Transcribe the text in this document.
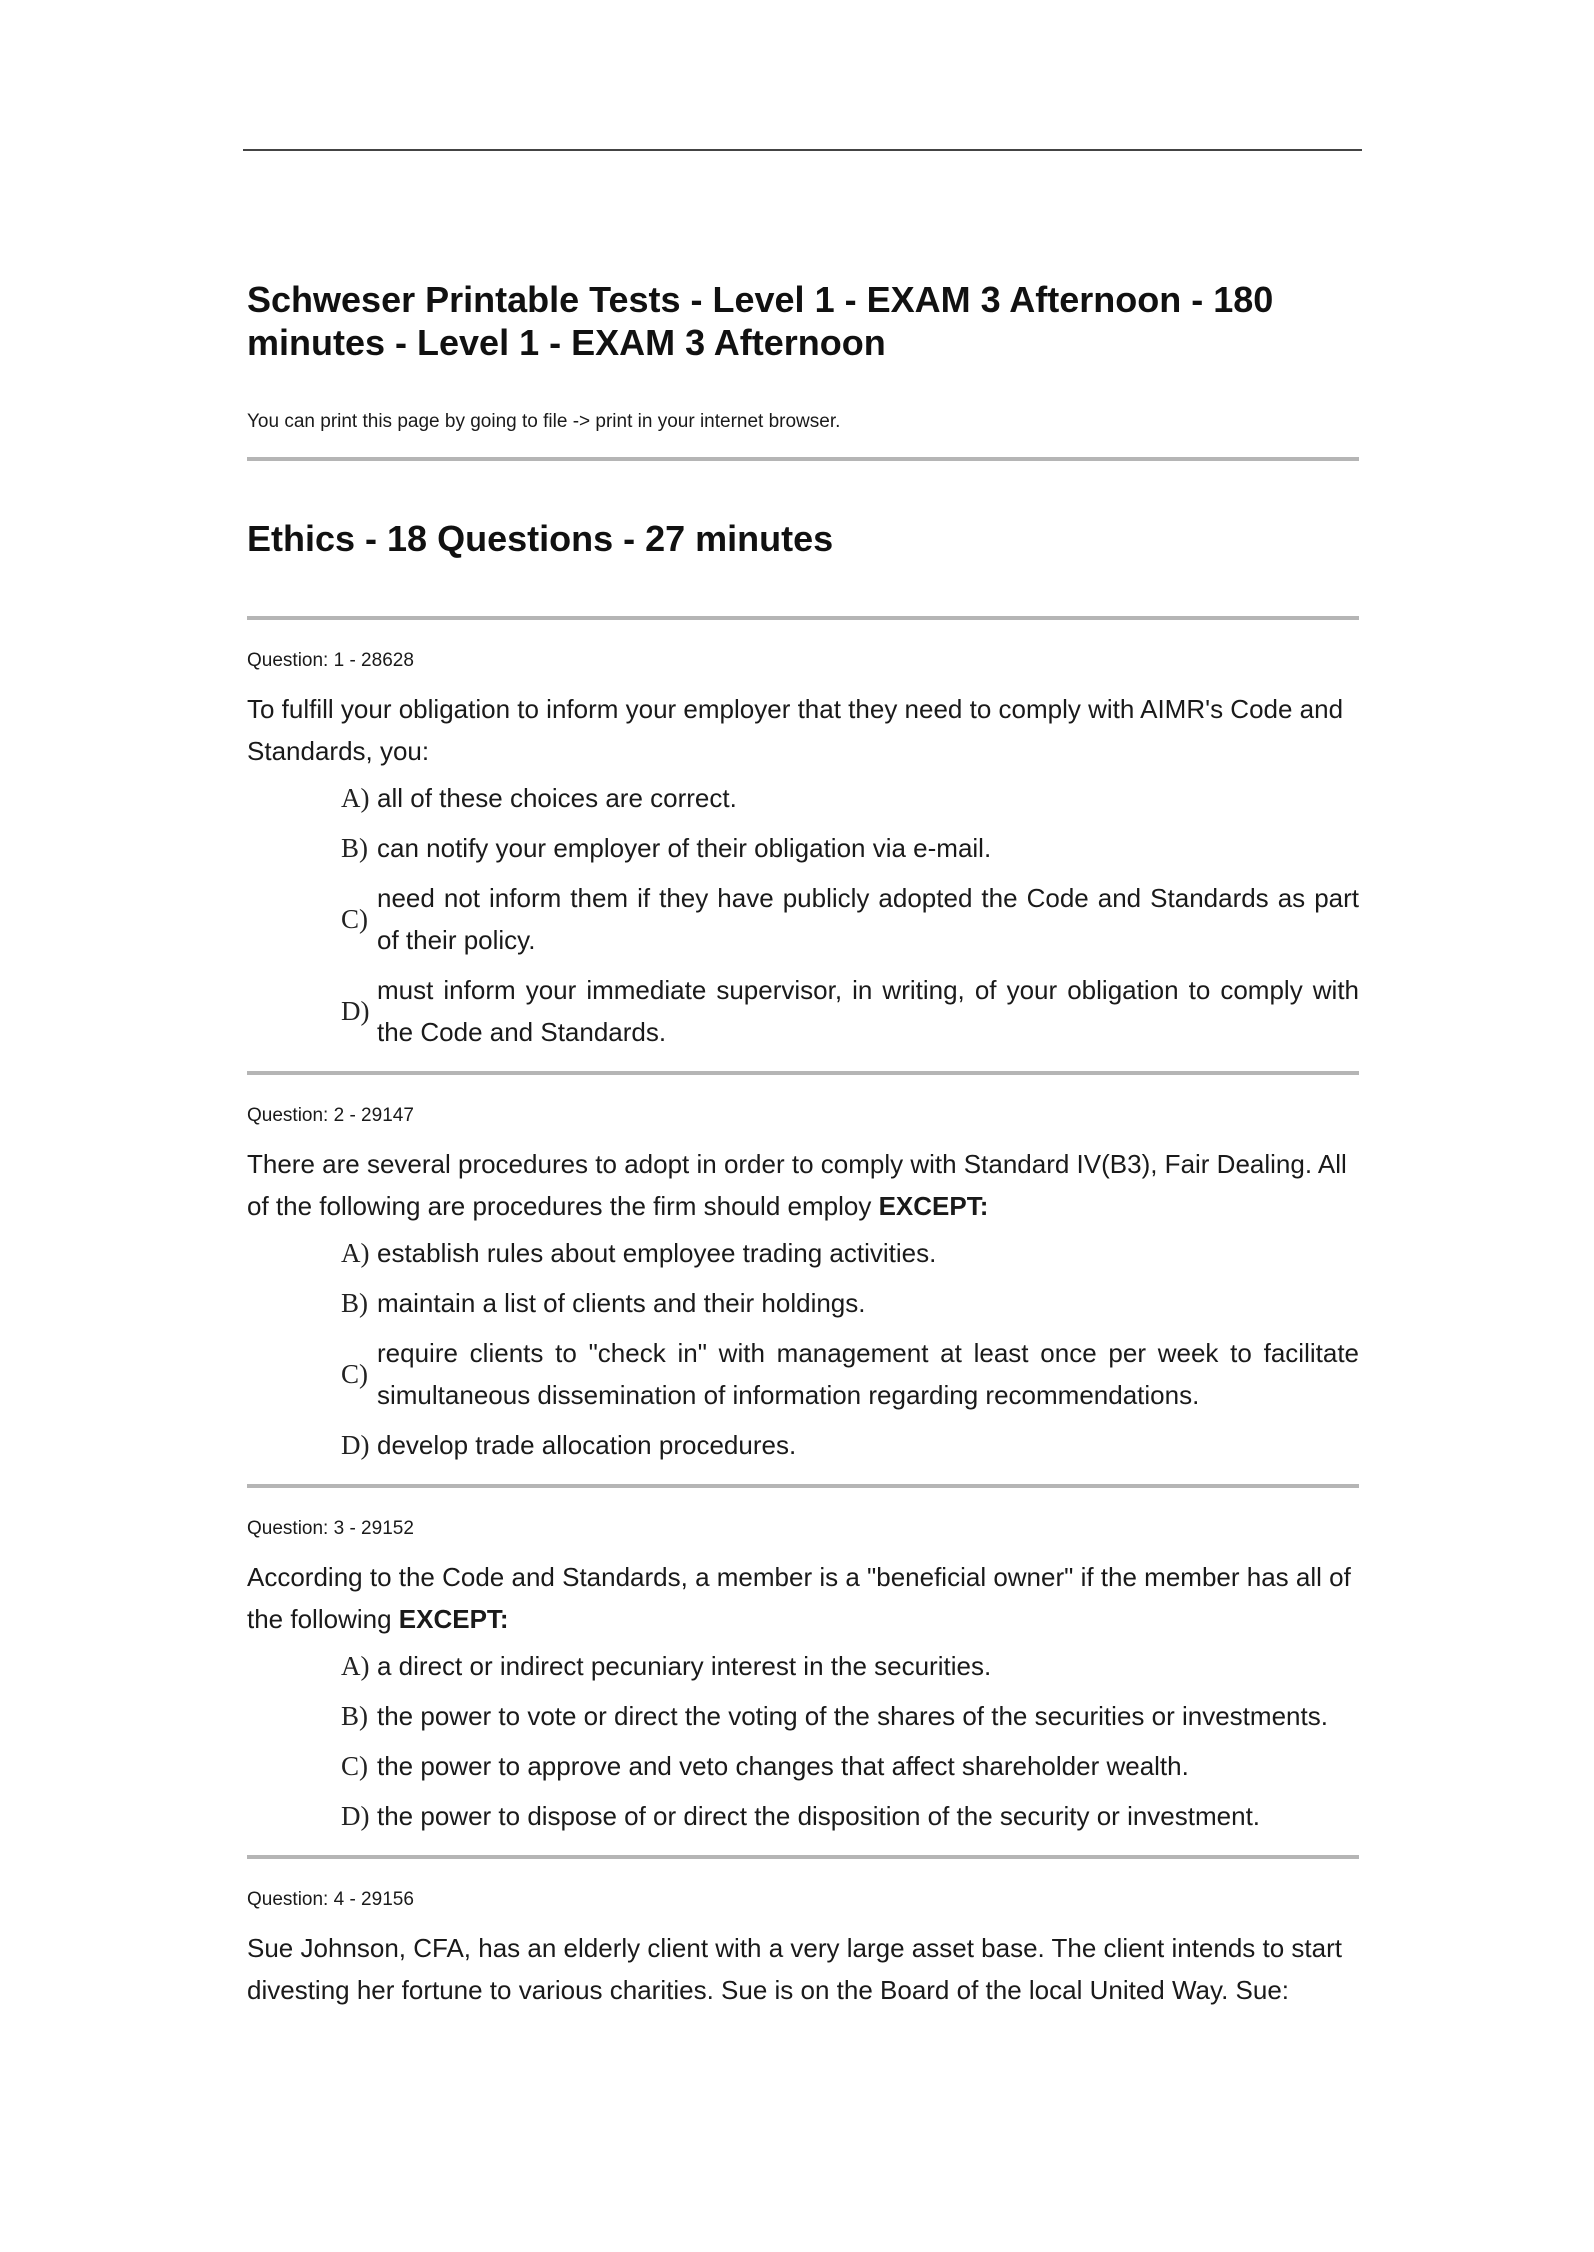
Schweser Printable Tests - Level 1 - EXAM 3 Afternoon - 180 minutes - Level 1 - EXAM 3 Afternoon
You can print this page by going to file -> print in your internet browser.
Ethics - 18 Questions - 27 minutes
Question: 1 - 28628
To fulfill your obligation to inform your employer that they need to comply with AIMR's Code and Standards, you:
A) all of these choices are correct.
B) can notify your employer of their obligation via e-mail.
C)
need not inform them if they have publicly adopted the Code and Standards as part of their policy.
D)
must inform your immediate supervisor, in writing, of your obligation to comply with the Code and Standards.
Question: 2 - 29147
There are several procedures to adopt in order to comply with Standard IV(B3), Fair Dealing. All of the following are procedures the firm should employ EXCEPT:
A) establish rules about employee trading activities.
B) maintain a list of clients and their holdings.
C)
require clients to "check in" with management at least once per week to facilitate simultaneous dissemination of information regarding recommendations.
D) develop trade allocation procedures.
Question: 3 - 29152
According to the Code and Standards, a member is a "beneficial owner" if the member has all of the following EXCEPT:
A) a direct or indirect pecuniary interest in the securities.
B) the power to vote or direct the voting of the shares of the securities or investments.
C) the power to approve and veto changes that affect shareholder wealth.
D) the power to dispose of or direct the disposition of the security or investment.
Question: 4 - 29156
Sue Johnson, CFA, has an elderly client with a very large asset base. The client intends to start divesting her fortune to various charities. Sue is on the Board of the local United Way. Sue:
